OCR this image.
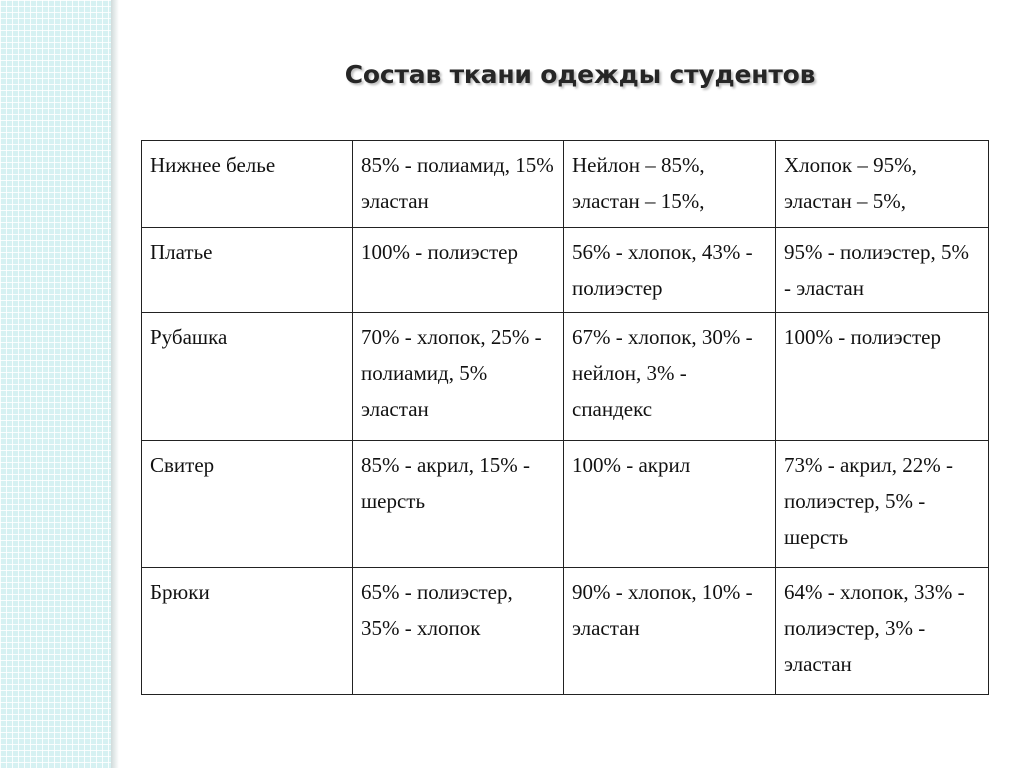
Состав ткани одежды студентов
Нижнее белье	85% - полиамид, 15% эластан	Нейлон – 85%, эластан – 15%,	Хлопок – 95%, эластан – 5%,
Платье	100% - полиэстер	56% - хлопок, 43% - полиэстер	95% - полиэстер, 5% - эластан
Рубашка	70% - хлопок, 25% - полиамид, 5% эластан	67% - хлопок, 30% - нейлон, 3% - спандекс	100% - полиэстер
Свитер	85% - акрил, 15% - шерсть	100% - акрил	73% - акрил, 22% - полиэстер, 5% - шерсть
Брюки	65% - полиэстер, 35% - хлопок	90% - хлопок, 10% - эластан	64% - хлопок, 33% - полиэстер, 3% - эластан
